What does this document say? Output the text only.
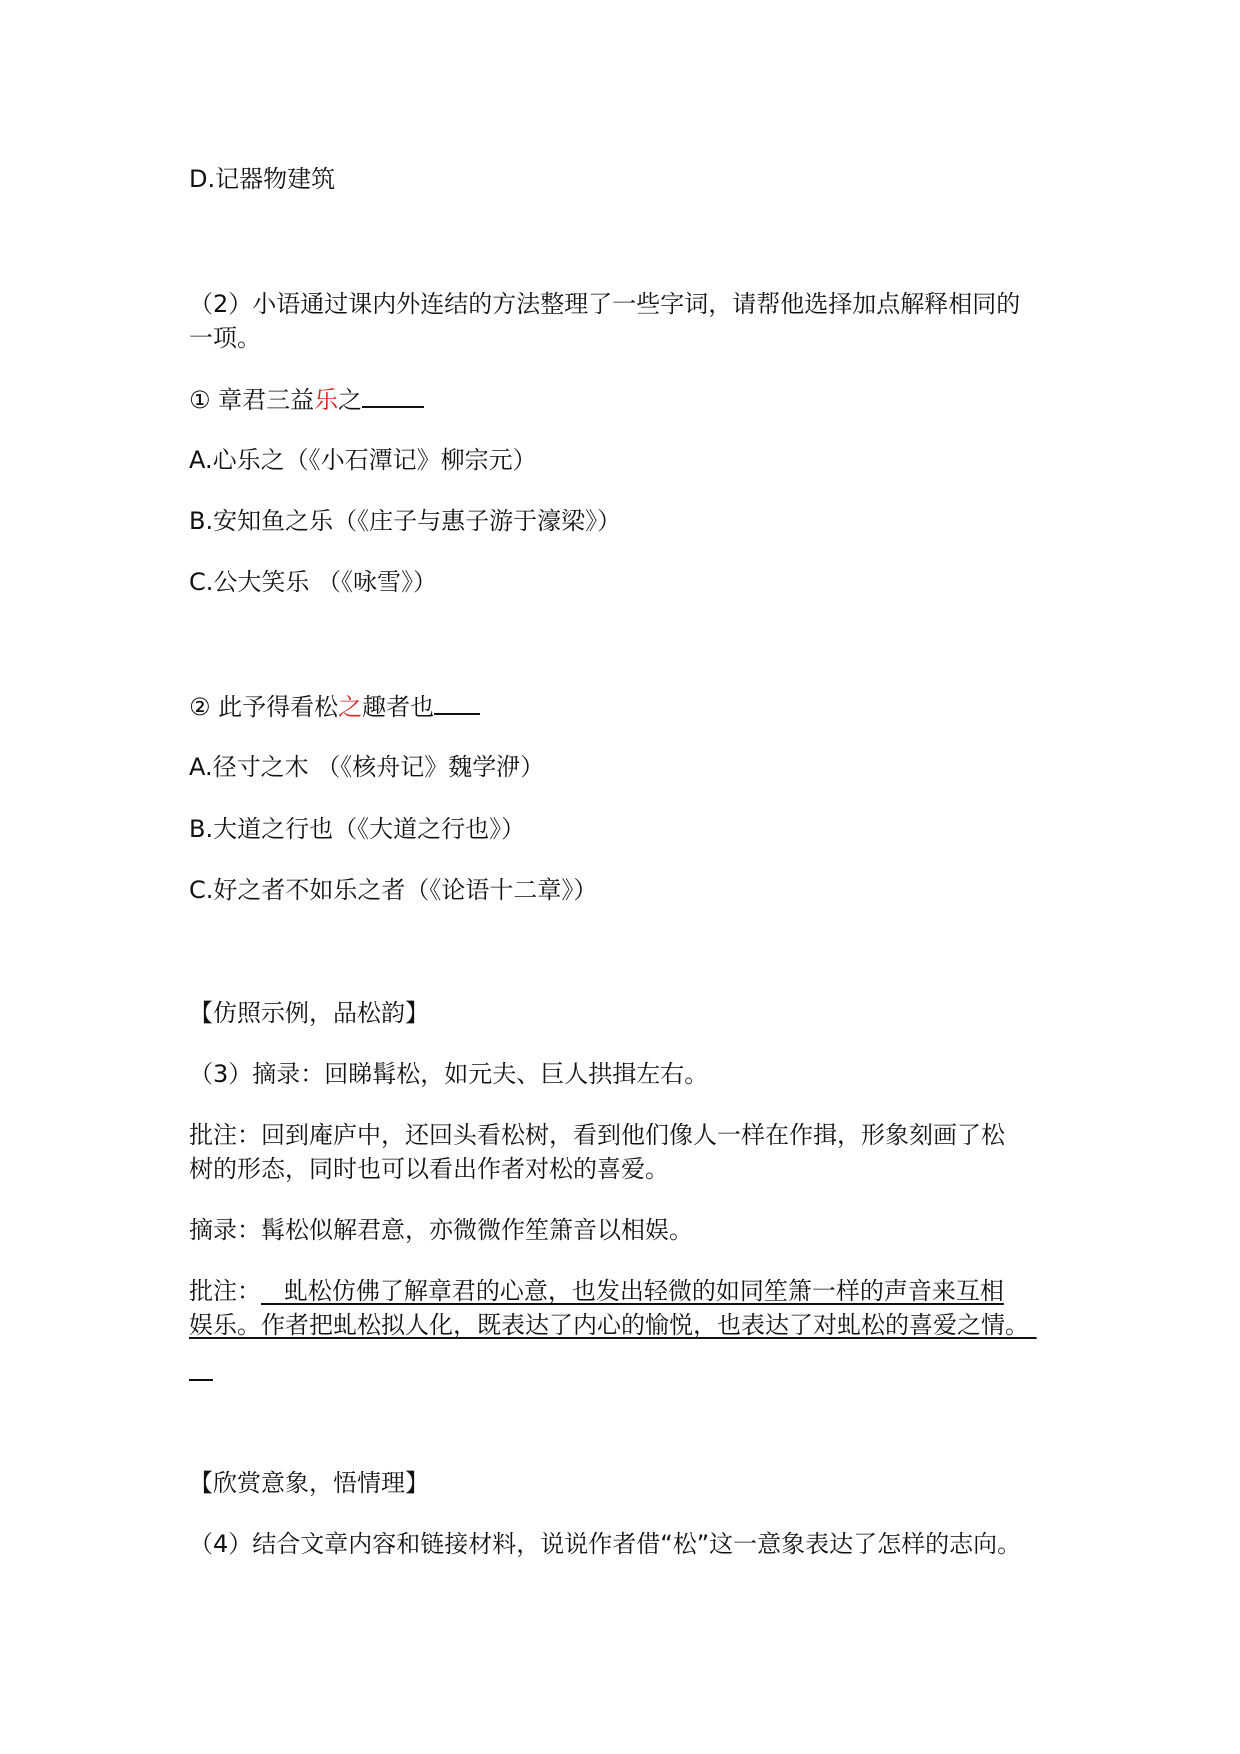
D.记器物建筑
（2）小语通过课内外连结的方法整理了一些字词，请帮他选择加点解释相同的
一项。
① 章君三益乐之
A.心乐之（《小石潭记》柳宗元）
B.安知鱼之乐（《庄子与惠子游于濠梁》）
C.公大笑乐 （《咏雪》）
② 此予得看松之趣者也
A.径寸之木 （《核舟记》魏学洢）
B.大道之行也（《大道之行也》）
C.好之者不如乐之者（《论语十二章》）
【仿照示例，品松韵】
（3）摘录：回睇髯松，如元夫、巨人拱揖左右。
批注：回到庵庐中，还回头看松树，看到他们像人一样在作揖，形象刻画了松
树的形态，同时也可以看出作者对松的喜爱。
摘录：髯松似解君意，亦微微作笙箫音以相娱。
批注：   虬松仿佛了解章君的心意，也发出轻微的如同笙箫一样的声音来互相
娱乐。作者把虬松拟人化，既表达了内心的愉悦，也表达了对虬松的喜爱之情。
【欣赏意象，悟情理】
（4）结合文章内容和链接材料，说说作者借“松”这一意象表达了怎样的志向。
